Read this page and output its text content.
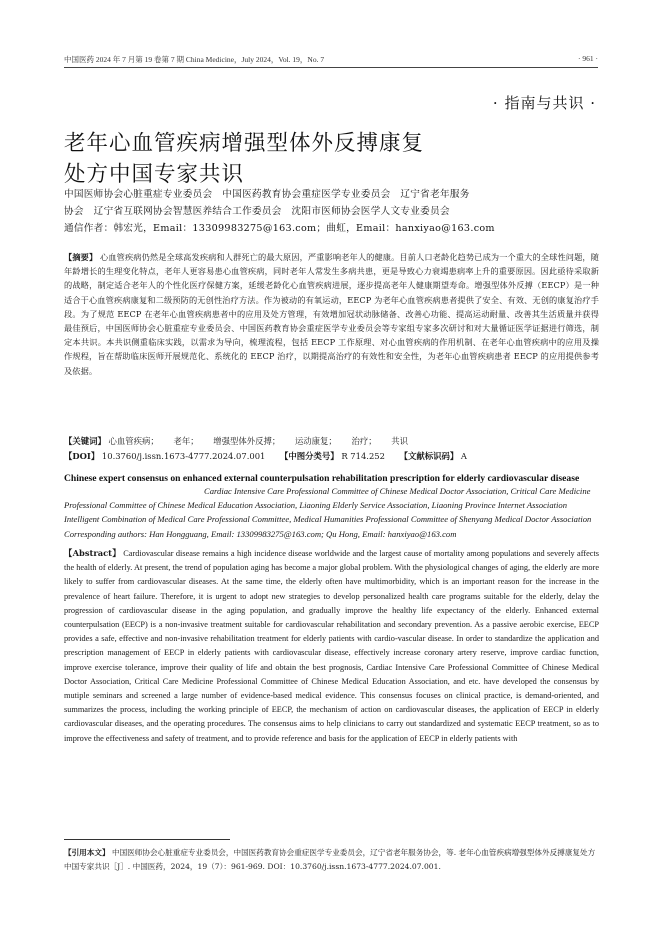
中国医药 2024 年 7 月第 19 卷第 7 期 China Medicine，July 2024，Vol. 19，No. 7	· 961 ·
· 指南与共识 ·
老年心血管疾病增强型体外反搏康复
处方中国专家共识
中国医师协会心脏重症专业委员会　中国医药教育协会重症医学专业委员会　辽宁省老年服务
协会　辽宁省互联网协会智慧医养结合工作委员会　沈阳市医师协会医学人文专业委员会
通信作者：韩宏光，Email：13309983275@163.com；曲虹，Email：hanxiyao@163.com
【摘要】 心血管疾病仍然是全球高发疾病和人群死亡的最大原因，严重影响老年人的健康。目前人口老龄化趋势已成为一个重大的全球性问题，随年龄增长的生理变化特点，老年人更容易患心血管疾病，同时老年人常发生多病共患，更是导致心力衰竭患病率上升的重要原因。因此亟待采取新的战略，制定适合老年人的个性化医疗保健方案，延缓老龄化心血管疾病进展，逐步提高老年人健康期望寿命。增强型体外反搏（EECP）是一种适合于心血管疾病康复和二级预防的无创性治疗方法。作为被动的有氧运动，EECP 为老年心血管疾病患者提供了安全、有效、无创的康复治疗手段。为了规范 EECP 在老年心血管疾病患者中的应用及处方管理，有效增加冠状动脉储备、改善心功能、提高运动耐量、改善其生活质量并获得最佳预后，中国医师协会心脏重症专业委员会、中国医药教育协会重症医学专业委员会等专家组专家多次研讨和对大量循证医学证据进行筛选，制定本共识。本共识侧重临床实践，以需求为导向，梳理流程，包括 EECP 工作原理、对心血管疾病的作用机制、在老年心血管疾病中的应用及操作规程，旨在帮助临床医师开展规范化、系统化的 EECP 治疗，以期提高治疗的有效性和安全性，为老年心血管疾病患者 EECP 的应用提供参考及依据。
【关键词】 心血管疾病； 老年； 增强型体外反搏； 运动康复； 治疗； 共识
【DOI】 10.3760/j.issn.1673-4777.2024.07.001 【中图分类号】 R 714.252 【文献标识码】 A
Chinese expert consensus on enhanced external counterpulsation rehabilitation prescription for elderly cardiovascular disease
Cardiac Intensive Care Professional Committee of Chinese Medical Doctor Association, Critical Care Medicine Professional Committee of Chinese Medical Education Association, Liaoning Elderly Service Association, Liaoning Province Internet Association Intelligent Combination of Medical Care Professional Committee, Medical Humanities Professional Committee of Shenyang Medical Doctor Association
Corresponding authors: Han Hongguang, Email: 13309983275@163.com; Qu Hong, Email: hanxiyao@163.com
【Abstract】 Cardiovascular disease remains a high incidence disease worldwide and the largest cause of mortality among populations and severely affects the health of elderly. At present, the trend of population aging has become a major global problem. With the physiological changes of aging, the elderly are more likely to suffer from cardiovascular diseases. At the same time, the elderly often have multimorbidity, which is an important reason for the increase in the prevalence of heart failure. Therefore, it is urgent to adopt new strategies to develop personalized health care programs suitable for the elderly, delay the progression of cardiovascular disease in the aging population, and gradually improve the healthy life expectancy of the elderly. Enhanced external counterpulsation (EECP) is a non-invasive treatment suitable for cardiovascular rehabilitation and secondary prevention. As a passive aerobic exercise, EECP provides a safe, effective and non-invasive rehabilitation treatment for elderly patients with cardio-vascular disease. In order to standardize the application and prescription management of EECP in elderly patients with cardiovascular disease, effectively increase coronary artery reserve, improve cardiac function, improve exercise tolerance, improve their quality of life and obtain the best prognosis, Cardiac Intensive Care Professional Committee of Chinese Medical Doctor Association, Critical Care Medicine Professional Committee of Chinese Medical Education Association, and etc. have developed the consensus by mutiple seminars and screened a large number of evidence-based medical evidence. This consensus focuses on clinical practice, is demand-oriented, and summarizes the process, including the working principle of EECP, the mechanism of action on cardiovascular diseases, the application of EECP in elderly cardiovascular diseases, and the operating procedures. The consensus aims to help clinicians to carry out standardized and systematic EECP treatment, so as to improve the effectiveness and safety of treatment, and to provide reference and basis for the application of EECP in elderly patients with
【引用本文】 中国医师协会心脏重症专业委员会，中国医药教育协会重症医学专业委员会，辽宁省老年服务协会，等. 老年心血管疾病增强型体外反搏康复处方中国专家共识［J］. 中国医药，2024，19（7）：961-969. DOI：10.3760/j.issn.1673-4777.2024.07.001.
